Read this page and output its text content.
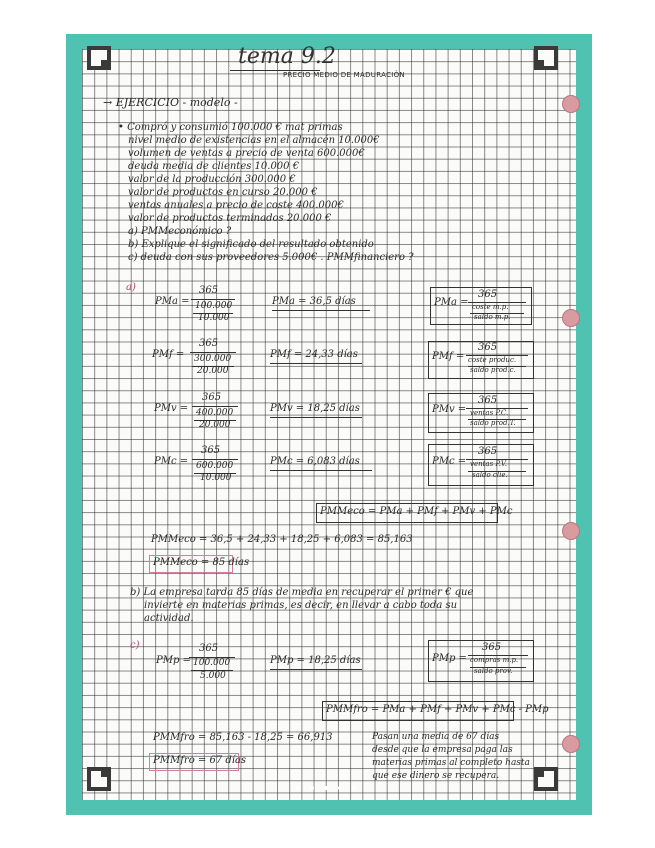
tema 9.2
PRECIO MEDIO DE MADURACIÓN
→ EJERCICIO - modelo -
• Compró y consumió 100.000 € mat primas
nivel medio de existencias en el almacén 10.000€
volumen de ventas a precio de venta 600.000€
deuda media de clientes 10.000 €
valor de la producción 300.000 €
valor de productos en curso 20.000 €
ventas anuales a precio de coste 400.000€
valor de productos terminados 20.000 €
a) PMMeconómico ?
b) Explique el significado del resultado obtenido
c) deuda con sus proveedores 5.000€ . PMMfinanciero ?
a)
PMa =
365
100.000
10.000
PMa = 36,5 días	PMa =
365
coste m.p.
saldo m.p.
PMf =
365
300.000
20.000
PMf = 24,33 días	PMf =
365
coste produc.
saldo prod.c.
PMv =
365
400.000
20.000
PMv = 18,25 días	PMv =
365
ventas P.C.
saldo prod.T.
PMc =
365
600.000
10.000
PMc = 6,083 días	PMc =
365
ventas P.V.
saldo clie.
PMMeco = PMa + PMf + PMv + PMc
PMMeco = 36,5 + 24,33 + 18,25 + 6,083 = 85,163
PMMeco = 85 días
b) La empresa tarda 85 días de media en recuperar el primer € que
invierte en materias primas, es decir, en llevar a cabo toda su
actividad.
c)
PMp =
365
100.000
5.000
PMp = 18,25 días	PMp =
365
compras m.p.
saldo prov.
PMMfro = PMa + PMf + PMv + PMc - PMp
PMMfro = 85,163 - 18,25 = 66,913
PMMfro = 67 días
Pasan una media de 67 días
desde que la empresa paga las
materias primas al completo hasta
que ese dinero se recupera.
